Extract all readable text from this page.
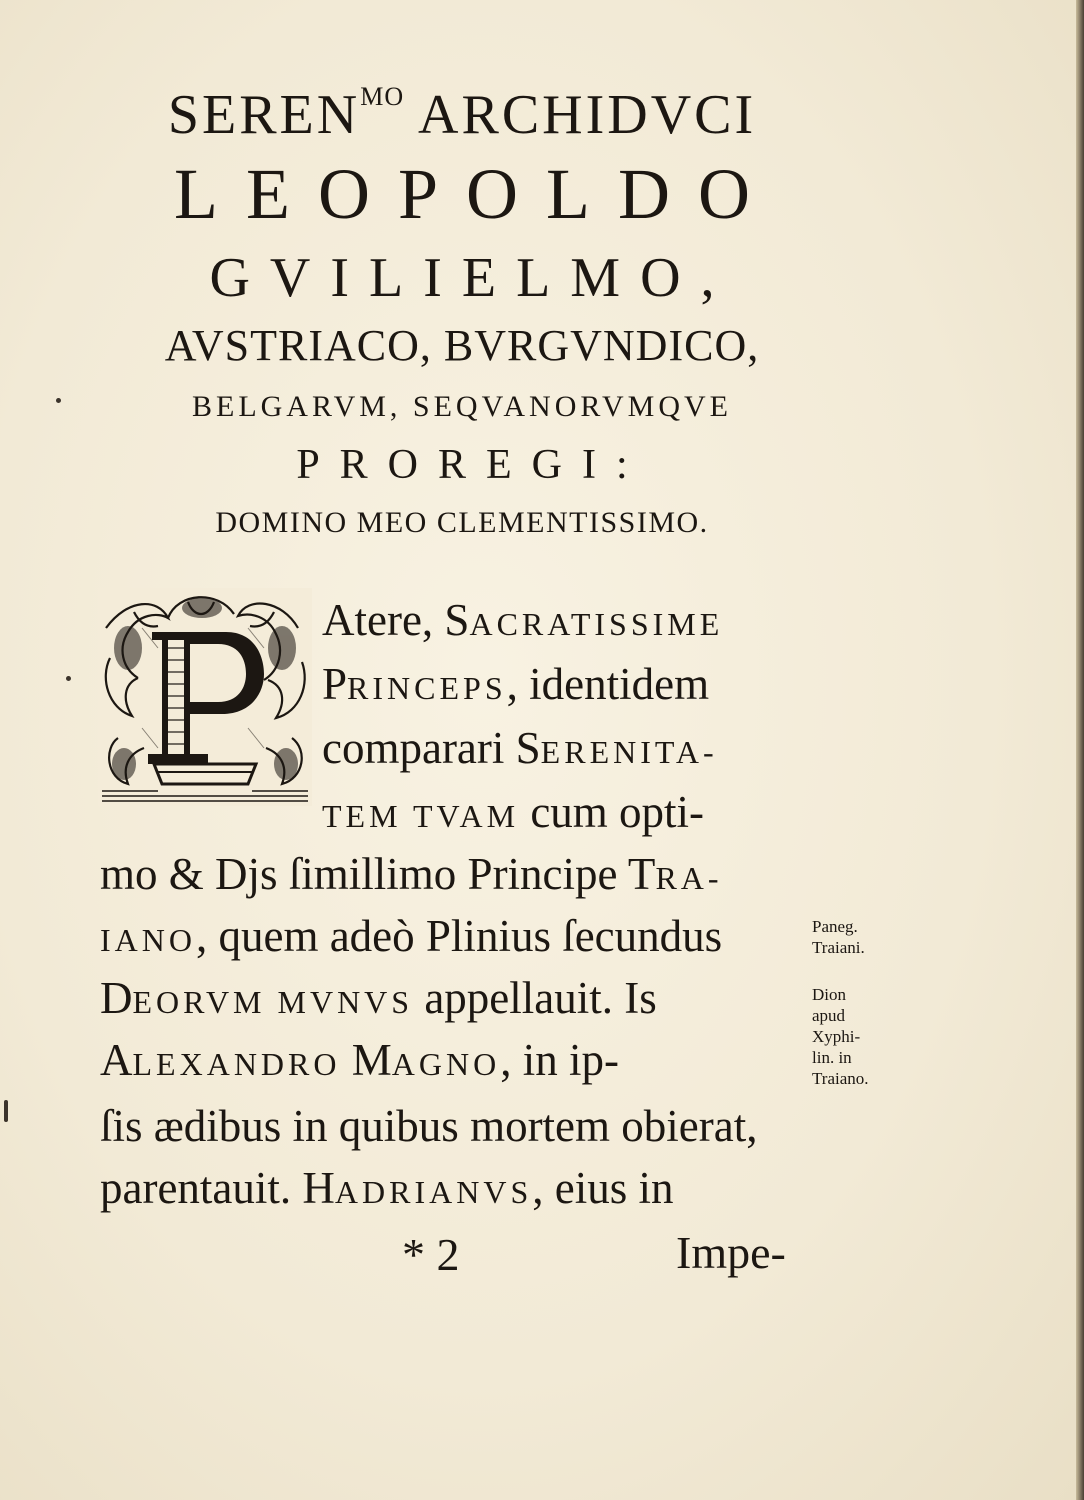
$SEREN^{MO}$ ARCHIDVCI
LEOPOLDO
GVILIELMO,
AVSTRIACO, BVRGVNDICO,
BELGARVM, SEQVANORVMQVE
PROREGI:
DOMINO MEO CLEMENTISSIMO.
Atere, SACRATISSIME
PRINCEPS, identidem
comparari SERENITA-
TEM TVAM cum opti-
mo & Djs ſimillimo Principe TRA-
IANO, quem adeò Plinius ſecundus
DEORVM MVNVS appellauit. Is
ALEXANDRO MAGNO, in ip-
ſis ædibus in quibus mortem obierat,
parentauit. HADRIANVS, eius in
Paneg.
Traiani.
Dion
apud
Xyphi-
lin. in
Traiano.
* 2	Impe-
